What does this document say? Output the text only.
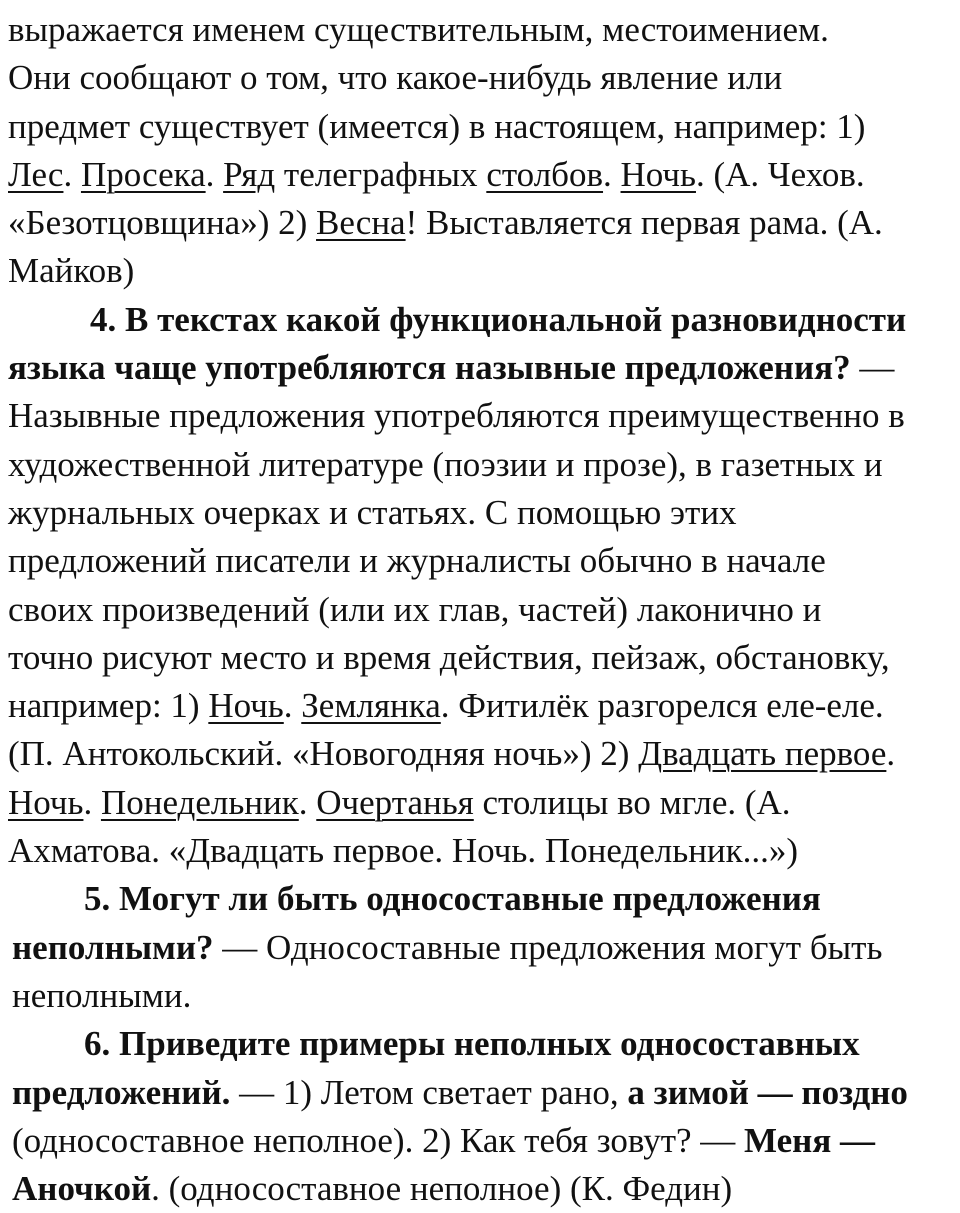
выражается именем существительным, местоимением.
Они сообщают о том, что какое-нибудь явление или
предмет существует (имеется) в настоящем, например: 1)
Лес. Просека. Ряд телеграфных столбов. Ночь. (А. Чехов.
«Безотцовщина») 2) Весна! Выставляется первая рама. (А.
Майков)
4. В текстах какой функциональной разновидности
языка чаще употребляются назывные предложения? —
Назывные предложения употребляются преимущественно в
художественной литературе (поэзии и прозе), в газетных и
журнальных очерках и статьях. С помощью этих
предложений писатели и журналисты обычно в начале
своих произведений (или их глав, частей) лаконично и
точно рисуют место и время действия, пейзаж, обстановку,
например: 1) Ночь. Землянка. Фитилёк разгорелся еле-еле.
(П. Антокольский. «Новогодняя ночь») 2) Двадцать первое.
Ночь. Понедельник. Очертанья столицы во мгле. (А.
Ахматова. «Двадцать первое. Ночь. Понедельник...»)
5. Могут ли быть односоставные предложения
неполными? — Односоставные предложения могут быть
неполными.
6. Приведите примеры неполных односоставных
предложений. — 1) Летом светает рано, а зимой — поздно
(односоставное неполное). 2) Как тебя зовут? — Меня —
Аночкой. (односоставное неполное) (К. Федин)
